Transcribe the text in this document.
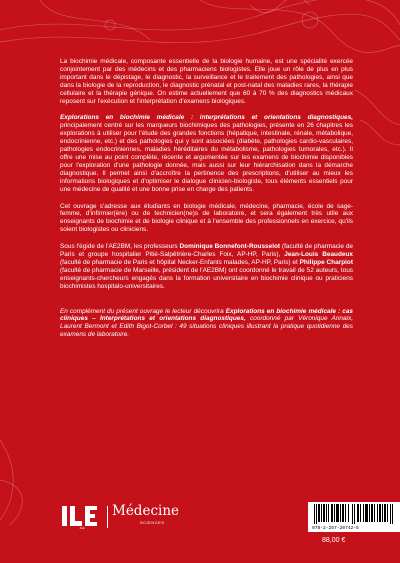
La biochimie médicale, composante essentielle de la biologie humaine, est une spécialité exercée conjointement par des médecins et des pharmaciens biologistes. Elle joue un rôle de plus en plus important dans le dépistage, le diagnostic, la surveillance et le traitement des pathologies, ainsi que dans la biologie de la reproduction, le diagnostic prénatal et post-natal des maladies rares, la thérapie cellulaire et la thérapie génique. On estime actuellement que 60 à 70 % des diagnostics médicaux reposent sur l'exécution et l'interprétation d'examens biologiques.

Explorations en biochimie médicale : interprétations et orientations diagnostiques, principalement centré sur les marqueurs biochimiques des pathologies, présente en 26 chapitres les explorations à utiliser pour l'étude des grandes fonctions (hépatique, intestinale, rénale, métabolique, endocrinienne, etc.) et des pathologies qui y sont associées (diabète, pathologies cardio-vasculaires, pathologies endocriniennes, maladies héréditaires du métabolisme, pathologies tumorales, etc.). Il offre une mise au point complète, récente et argumentée sur les examens de biochimie disponibles pour l'exploration d'une pathologie donnée, mais aussi sur leur hiérarchisation dans la démarche diagnostique. Il permet ainsi d'accroître la pertinence des prescriptions, d'utiliser au mieux les informations biologiques et d'optimiser le dialogue clinicien-biologiste, tous éléments essentiels pour une médecine de qualité et une bonne prise en charge des patients.

Cet ouvrage s'adresse aux étudiants en biologie médicale, médecine, pharmacie, école de sage-femme, d'infirmier(ère) ou de technicien(ne)s de laboratoire, et sera également très utile aux enseignants de biochimie et de biologie clinique et à l'ensemble des professionnels en exercice, qu'ils soient biologistes ou cliniciens.

Sous l'égide de l'AE2BM, les professeurs Dominique Bonnefont-Rousselot (faculté de pharmacie de Paris et groupe hospitalier Pitié-Salpêtrière-Charles Foix, AP-HP, Paris), Jean-Louis Beaudeux (faculté de pharmacie de Paris et hôpital Necker-Enfants malades, AP-HP, Paris) et Philippe Charpiot (faculté de pharmacie de Marseille, président de l'AE2BM) ont coordonné le travail de 52 auteurs, tous enseignants-chercheurs engagés dans la formation universitaire en biochimie clinique ou praticiens biochimistes hospitalo-universitaires.

En complément du présent ouvrage le lecteur découvrira Explorations en biochimie médicale : cas cliniques – Interprétations et orientations diagnostiques, coordonné par Véronique Annaix, Laurent Bermont et Edith Bigot-Corbel : 49 situations cliniques illustrant la pratique quotidienne des examens de laboratoire.

JLE
Médecine
SCIENCES
978-2-257-20742-5
88,00 €
